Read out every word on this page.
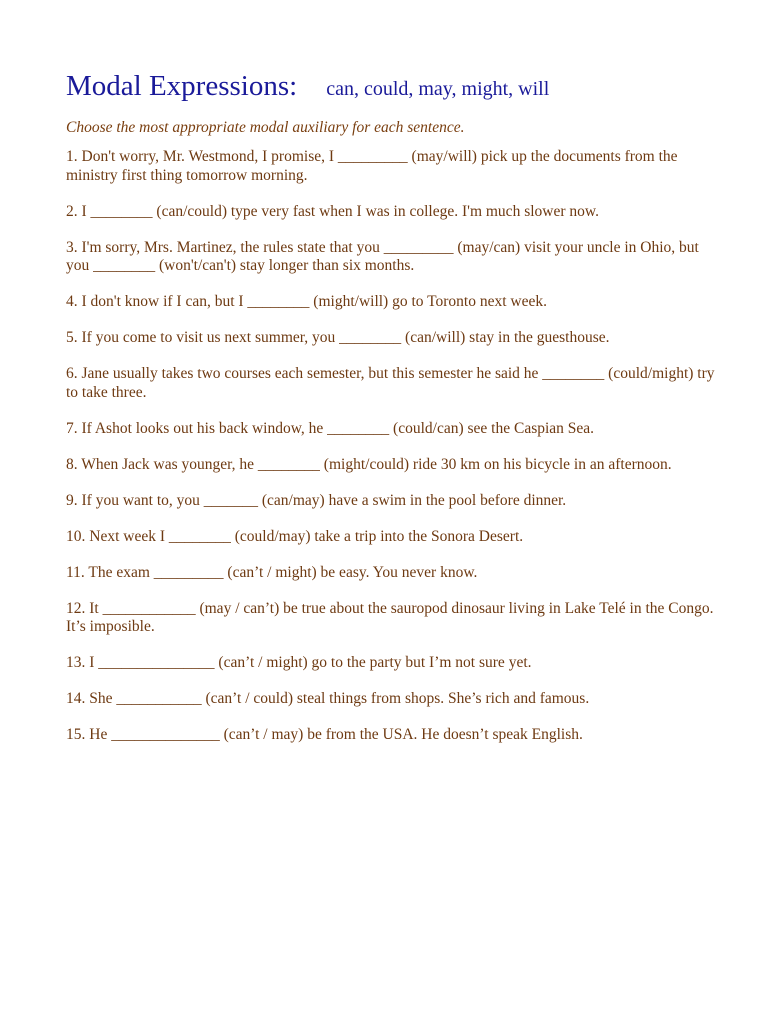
Modal Expressions: can, could, may, might, will
Choose the most appropriate modal auxiliary for each sentence.

1. Don't worry, Mr. Westmond, I promise, I _________ (may/will) pick up the documents from the ministry first thing tomorrow morning.

2. I ________ (can/could) type very fast when I was in college. I'm much slower now.

3. I'm sorry, Mrs. Martinez, the rules state that you _________ (may/can) visit your uncle in Ohio, but you ________ (won't/can't) stay longer than six months.

4. I don't know if I can, but I ________ (might/will) go to Toronto next week.

5. If you come to visit us next summer, you ________ (can/will) stay in the guesthouse.

6. Jane usually takes two courses each semester, but this semester he said he ________ (could/might) try to take three.

7. If Ashot looks out his back window, he ________ (could/can) see the Caspian Sea.

8. When Jack was younger, he ________ (might/could) ride 30 km on his bicycle in an afternoon.

9. If you want to, you _______ (can/may) have a swim in the pool before dinner.

10. Next week I ________ (could/may) take a trip into the Sonora Desert.

11. The exam _________ (can’t / might) be easy. You never know.

12. It ____________ (may / can’t) be true about the sauropod dinosaur living in Lake Telé in the Congo. It’s imposible.

13. I _______________ (can’t / might) go to the party but I’m not sure yet.

14. She ___________ (can’t / could) steal things from shops. She’s rich and famous.

15. He ______________ (can’t / may) be from the USA. He doesn’t speak English.
